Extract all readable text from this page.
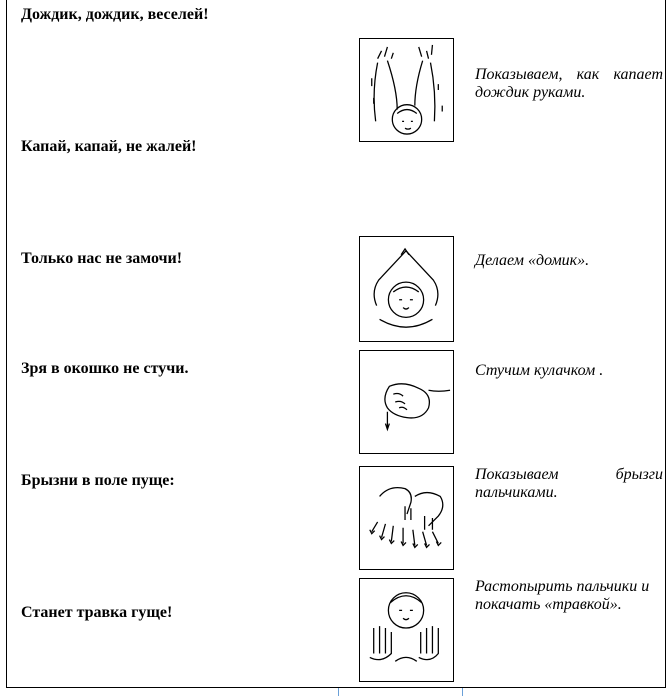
Дождик, дождик, веселей!
Капай, капай, не жалей!
Только нас не замочи!
Зря в окошко не стучи.
Брызни в поле пуще:
Станет травка гуще!
Показываем, как капает дождик руками.
Делаем «домик».
Стучим кулачком .
Показываем брызги пальчиками.
Растопырить пальчики и покачать «травкой».
